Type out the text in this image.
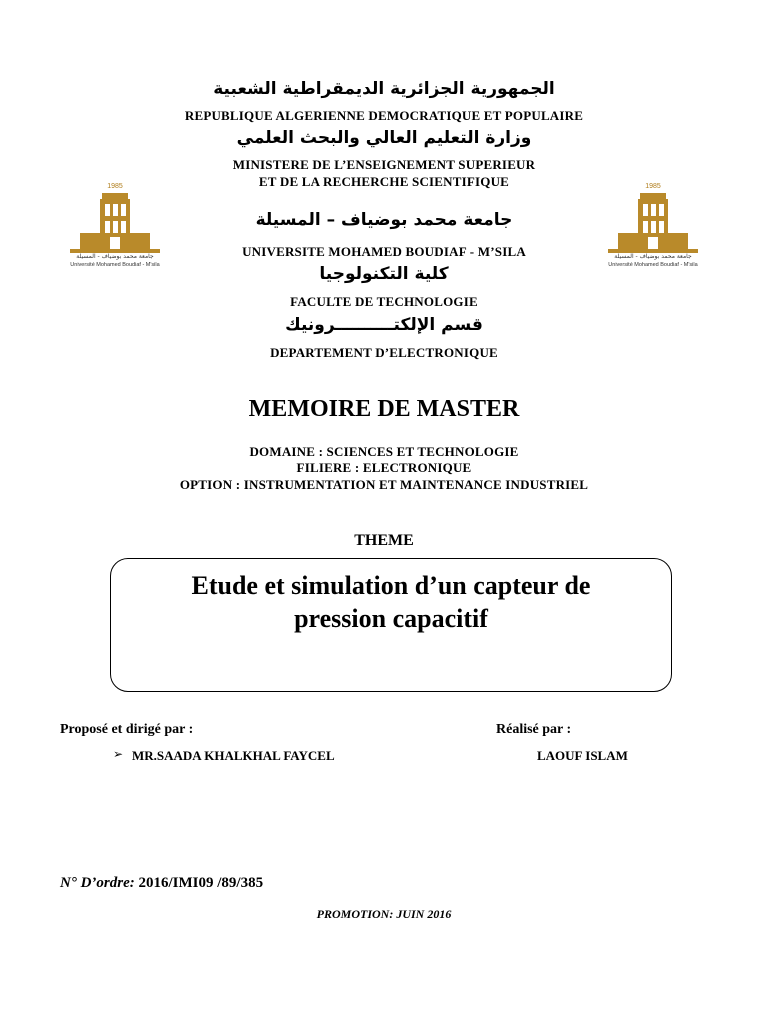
1985
جامعة محمد بوضياف - المسيلة
Université Mohamed Boudiaf - M'sila
1985
جامعة محمد بوضياف - المسيلة
Université Mohamed Boudiaf - M'sila
الجمهورية الجزائرية الديمقراطية الشعبية
REPUBLIQUE ALGERIENNE DEMOCRATIQUE ET POPULAIRE
وزارة التعليم العالي والبحث العلمي
MINISTERE DE L’ENSEIGNEMENT SUPERIEUR
ET DE LA RECHERCHE SCIENTIFIQUE
جامعة محمد بوضياف – المسيلة
UNIVERSITE MOHAMED BOUDIAF - M’SILA
كلية التكنولوجيا
FACULTE DE TECHNOLOGIE
قسم الإلكتــــــــــرونيك
DEPARTEMENT D’ELECTRONIQUE
MEMOIRE DE MASTER
DOMAINE : SCIENCES ET TECHNOLOGIE
FILIERE : ELECTRONIQUE
OPTION : INSTRUMENTATION ET MAINTENANCE INDUSTRIEL
THEME
Etude et simulation d’un capteur de
pression capacitif
Proposé et dirigé par :	Réalisé par :
➢ MR.SAADA KHALKHAL FAYCEL	LAOUF ISLAM
N° D’ordre: 2016/IMI09 /89/385
PROMOTION: JUIN 2016
